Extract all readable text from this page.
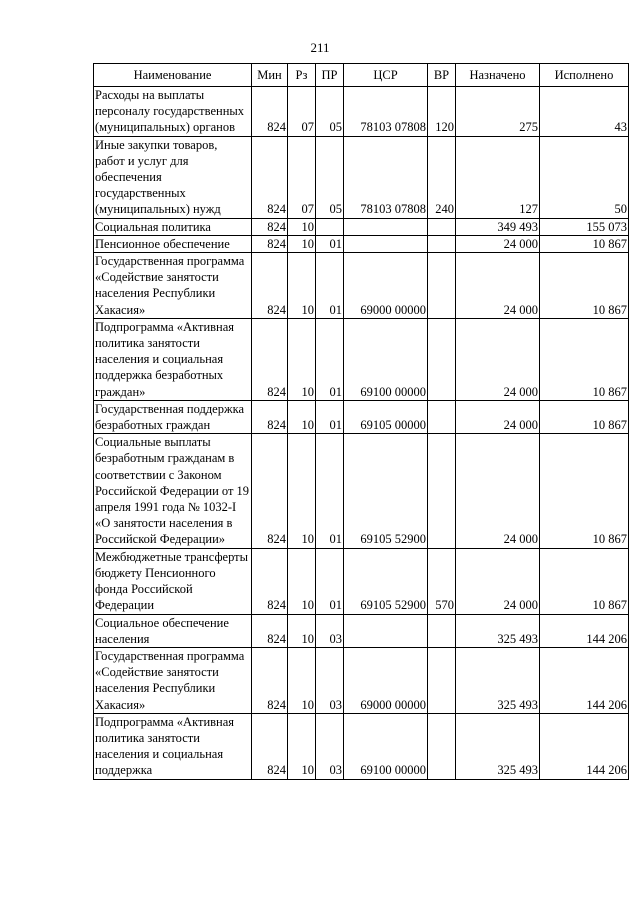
211
Наименование	Мин	Рз	ПР	ЦСР	ВР	Назначено	Исполнено
Расходы на выплаты персоналу государственных (муниципальных) органов	824	07	05	78103 07808	120	275	43
Иные закупки товаров, работ и услуг для обеспечения государственных (муниципальных) нужд	824	07	05	78103 07808	240	127	50
Социальная политика	824	10				349 493	155 073
Пенсионное обеспечение	824	10	01			24 000	10 867
Государственная программа «Содействие занятости населения Республики Хакасия»	824	10	01	69000 00000		24 000	10 867
Подпрограмма «Активная политика занятости населения и социальная поддержка безработных граждан»	824	10	01	69100 00000		24 000	10 867
Государственная поддержка безработных граждан	824	10	01	69105 00000		24 000	10 867
Социальные выплаты безработным гражданам в соответствии с Законом Российской Федерации от 19 апреля 1991 года № 1032-I «О занятости населения в Российской Федерации»	824	10	01	69105 52900		24 000	10 867
Межбюджетные трансферты бюджету Пенсионного фонда Российской Федерации	824	10	01	69105 52900	570	24 000	10 867
Социальное обеспечение населения	824	10	03			325 493	144 206
Государственная программа «Содействие занятости населения Республики Хакасия»	824	10	03	69000 00000		325 493	144 206
Подпрограмма «Активная политика занятости населения и социальная поддержка	824	10	03	69100 00000		325 493	144 206
